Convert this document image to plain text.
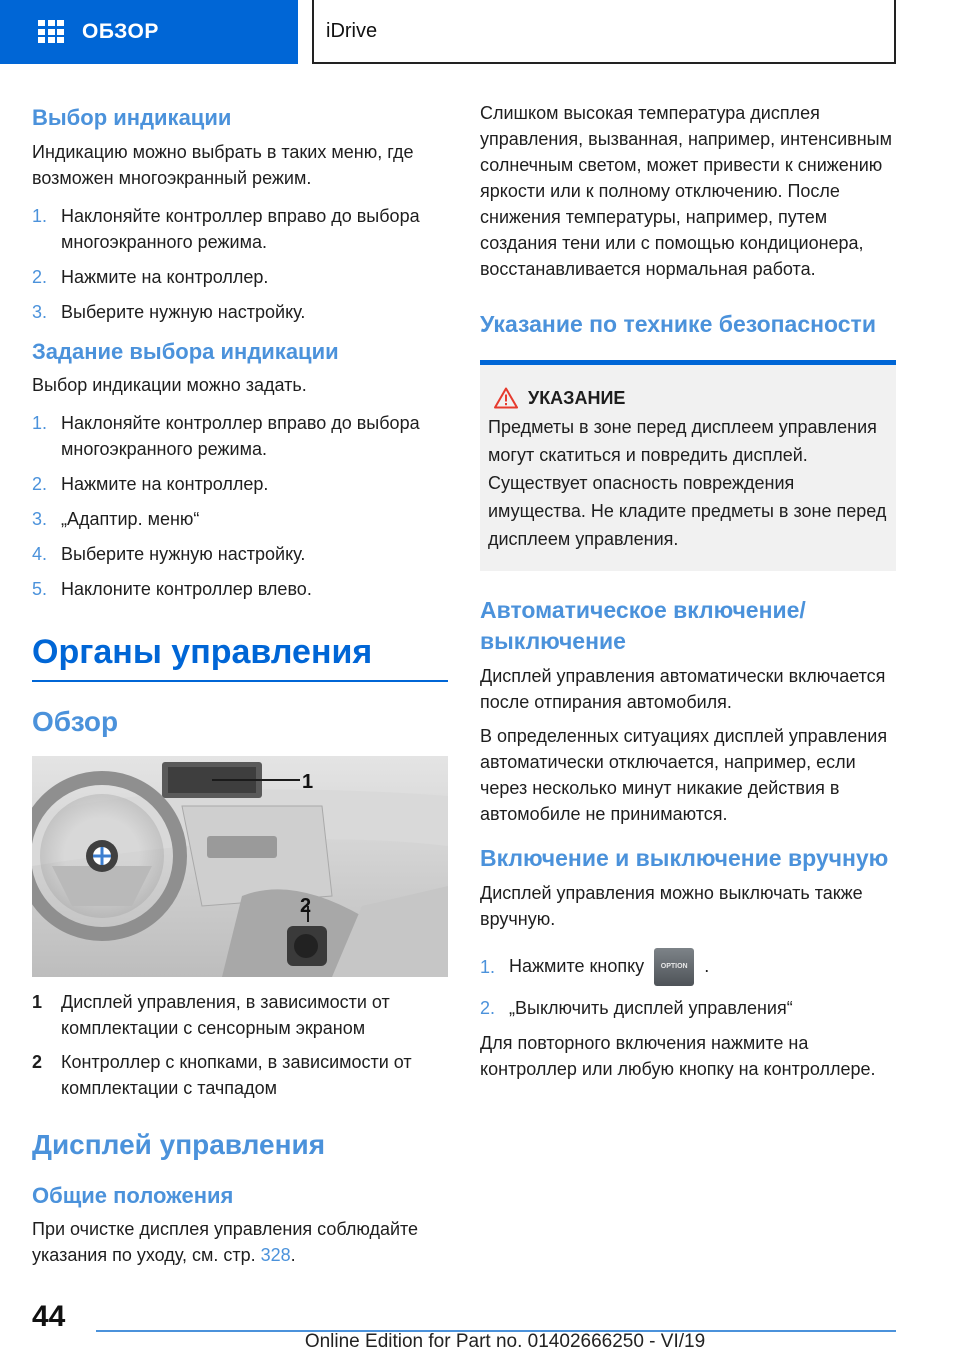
ОБЗОР	iDrive
Выбор индикации

Индикацию можно выбрать в таких меню, где возможен многоэкранный режим.

1. Наклоняйте контроллер вправо до выбора многоэкранного режима.
2. Нажмите на контроллер.
3. Выберите нужную настройку.
Задание выбора индикации

Выбор индикации можно задать.

1. Наклоняйте контроллер вправо до выбора многоэкранного режима.
2. Нажмите на контроллер.
3. „Адаптир. меню“
4. Выберите нужную настройку.
5. Наклоните контроллер влево.
Органы управления
Обзор
1
2
1	Дисплей управления, в зависимости от комплектации с сенсорным экраном
2	Контроллер с кнопками, в зависимости от комплектации с тачпадом
Дисплей управления
Общие положения

При очистке дисплея управления соблюдайте указания по уходу, см. стр. 328.

Слишком высокая температура дисплея управления, вызванная, например, интенсивным солнечным светом, может привести к снижению яркости или к полному отключению. После снижения температуры, например, путем создания тени или с помощью кондиционера, восстанавливается нормальная работа.

Указание по технике безопасности
УКАЗАНИЕ

Предметы в зоне перед дисплеем управления могут скатиться и повредить дисплей. Существует опасность повреждения имущества. Не кладите предметы в зоне перед дисплеем управления.

Автоматическое включение/ выключение

Дисплей управления автоматически включается после отпирания автомобиля.

В определенных ситуациях дисплей управления автоматически отключается, например, если через несколько минут никакие действия в автомобиле не принимаются.

Включение и выключение вручную

Дисплей управления можно выключать также вручную.

1. Нажмите кнопку OPTION .
2. „Выключить дисплей управления“

Для повторного включения нажмите на контроллер или любую кнопку на контроллере.

44
Online Edition for Part no. 01402666250 - VI/19
